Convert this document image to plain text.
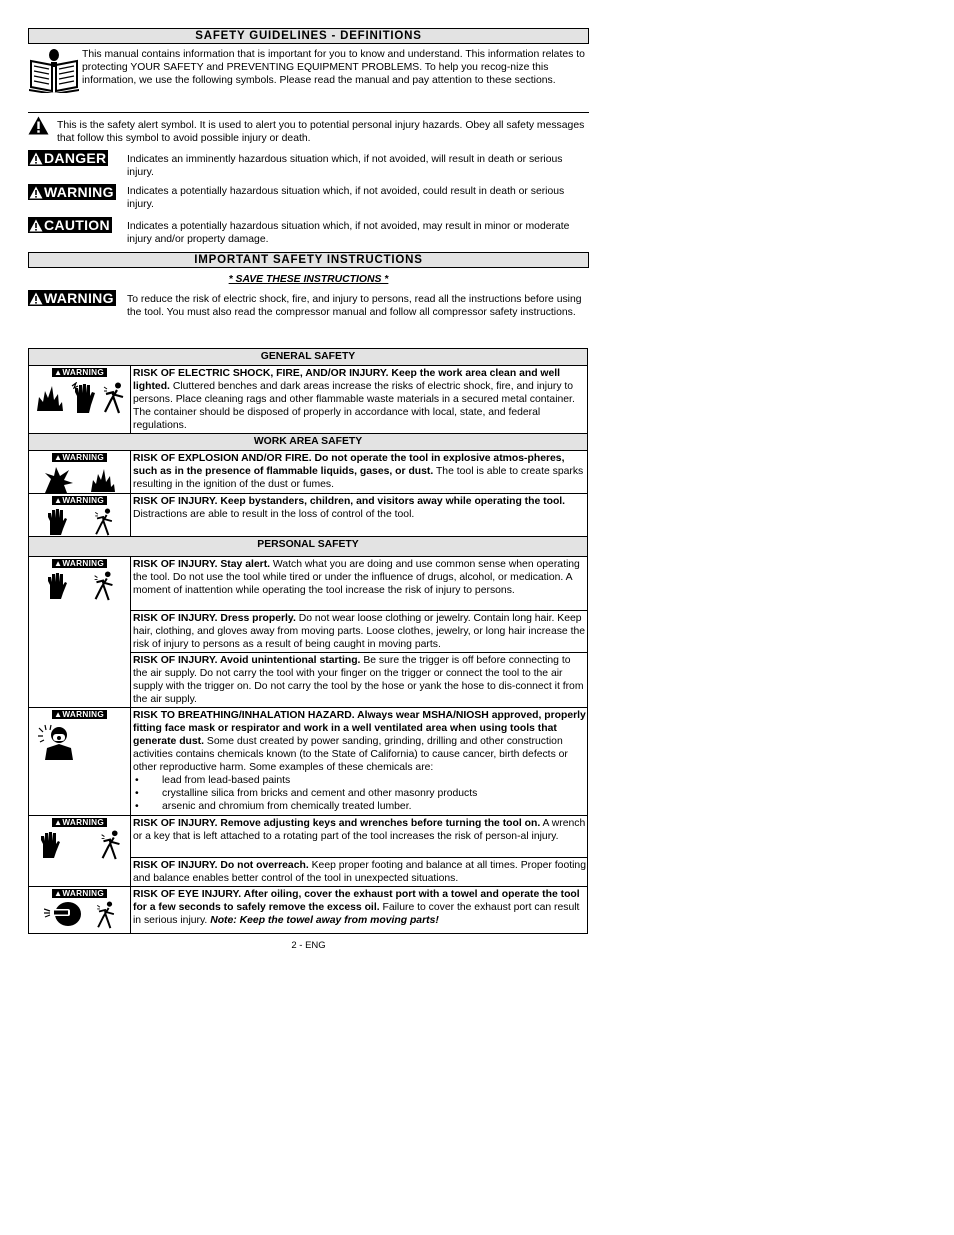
SAFETY GUIDELINES - DEFINITIONS
This manual contains information that is important for you to know and understand. This information relates to protecting YOUR SAFETY and PREVENTING EQUIPMENT PROBLEMS. To help you recog-nize this information, we use the following symbols. Please read the manual and pay attention to these sections.
This is the safety alert symbol. It is used to alert you to potential personal injury hazards. Obey all safety messages that follow this symbol to avoid possible injury or death.
DANGER Indicates an imminently hazardous situation which, if not avoided, will result in death or serious injury.
WARNING Indicates a potentially hazardous situation which, if not avoided, could result in death or serious injury.
CAUTION Indicates a potentially hazardous situation which, if not avoided, may result in minor or moderate injury and/or property damage.
IMPORTANT SAFETY INSTRUCTIONS
* SAVE THESE INSTRUCTIONS *
WARNING To reduce the risk of electric shock, fire, and injury to persons, read all the instructions before using the tool. You must also read the compressor manual and follow all compressor safety instructions.
GENERAL SAFETY	
▲WARNING	RISK OF ELECTRIC SHOCK, FIRE, AND/OR INJURY. Keep the work area clean and well lighted. Cluttered benches and dark areas increase the risks of electric shock, fire, and injury to persons. Place cleaning rags and other flammable waste materials in a secured metal container. The container should be disposed of properly in accordance with local, state, and federal regulations.
WORK AREA SAFETY	
▲WARNING	RISK OF EXPLOSION AND/OR FIRE. Do not operate the tool in explosive atmos-pheres, such as in the presence of flammable liquids, gases, or dust. The tool is able to create sparks resulting in the ignition of the dust or fumes.
▲WARNING	RISK OF INJURY. Keep bystanders, children, and visitors away while operating the tool. Distractions are able to result in the loss of control of the tool.
PERSONAL SAFETY	
▲WARNING	RISK OF INJURY. Stay alert. Watch what you are doing and use common sense when operating the tool. Do not use the tool while tired or under the influence of drugs, alcohol, or medication. A moment of inattention while operating the tool increase the risk of injury to persons.
	RISK OF INJURY. Dress properly. Do not wear loose clothing or jewelry. Contain long hair. Keep hair, clothing, and gloves away from moving parts. Loose clothes, jewelry, or long hair increase the risk of injury to persons as a result of being caught in moving parts.
	RISK OF INJURY. Avoid unintentional starting. Be sure the trigger is off before connecting to the air supply. Do not carry the tool with your finger on the trigger or connect the tool to the air supply with the trigger on. Do not carry the tool by the hose or yank the hose to dis-connect it from the air supply.
▲WARNING	RISK TO BREATHING/INHALATION HAZARD. Always wear MSHA/NIOSH approved, properly fitting face mask or respirator and work in a well ventilated area when using tools that generate dust. Some dust created by power sanding, grinding, drilling and other construction activities contains chemicals known (to the State of California) to cause cancer, birth defects or other reproductive harm. Some examples of these chemicals are:
• lead from lead-based paints
• crystalline silica from bricks and cement and other masonry products
• arsenic and chromium from chemically treated lumber.

▲WARNING	RISK OF INJURY. Remove adjusting keys and wrenches before turning the tool on. A wrench or a key that is left attached to a rotating part of the tool increases the risk of person-al injury.
	RISK OF INJURY. Do not overreach. Keep proper footing and balance at all times. Proper footing and balance enables better control of the tool in unexpected situations.
▲WARNING	RISK OF EYE INJURY. After oiling, cover the exhaust port with a towel and operate the tool for a few seconds to safely remove the excess oil. Failure to cover the exhaust port can result in serious injury. Note: Keep the towel away from moving parts!
2 - ENG
